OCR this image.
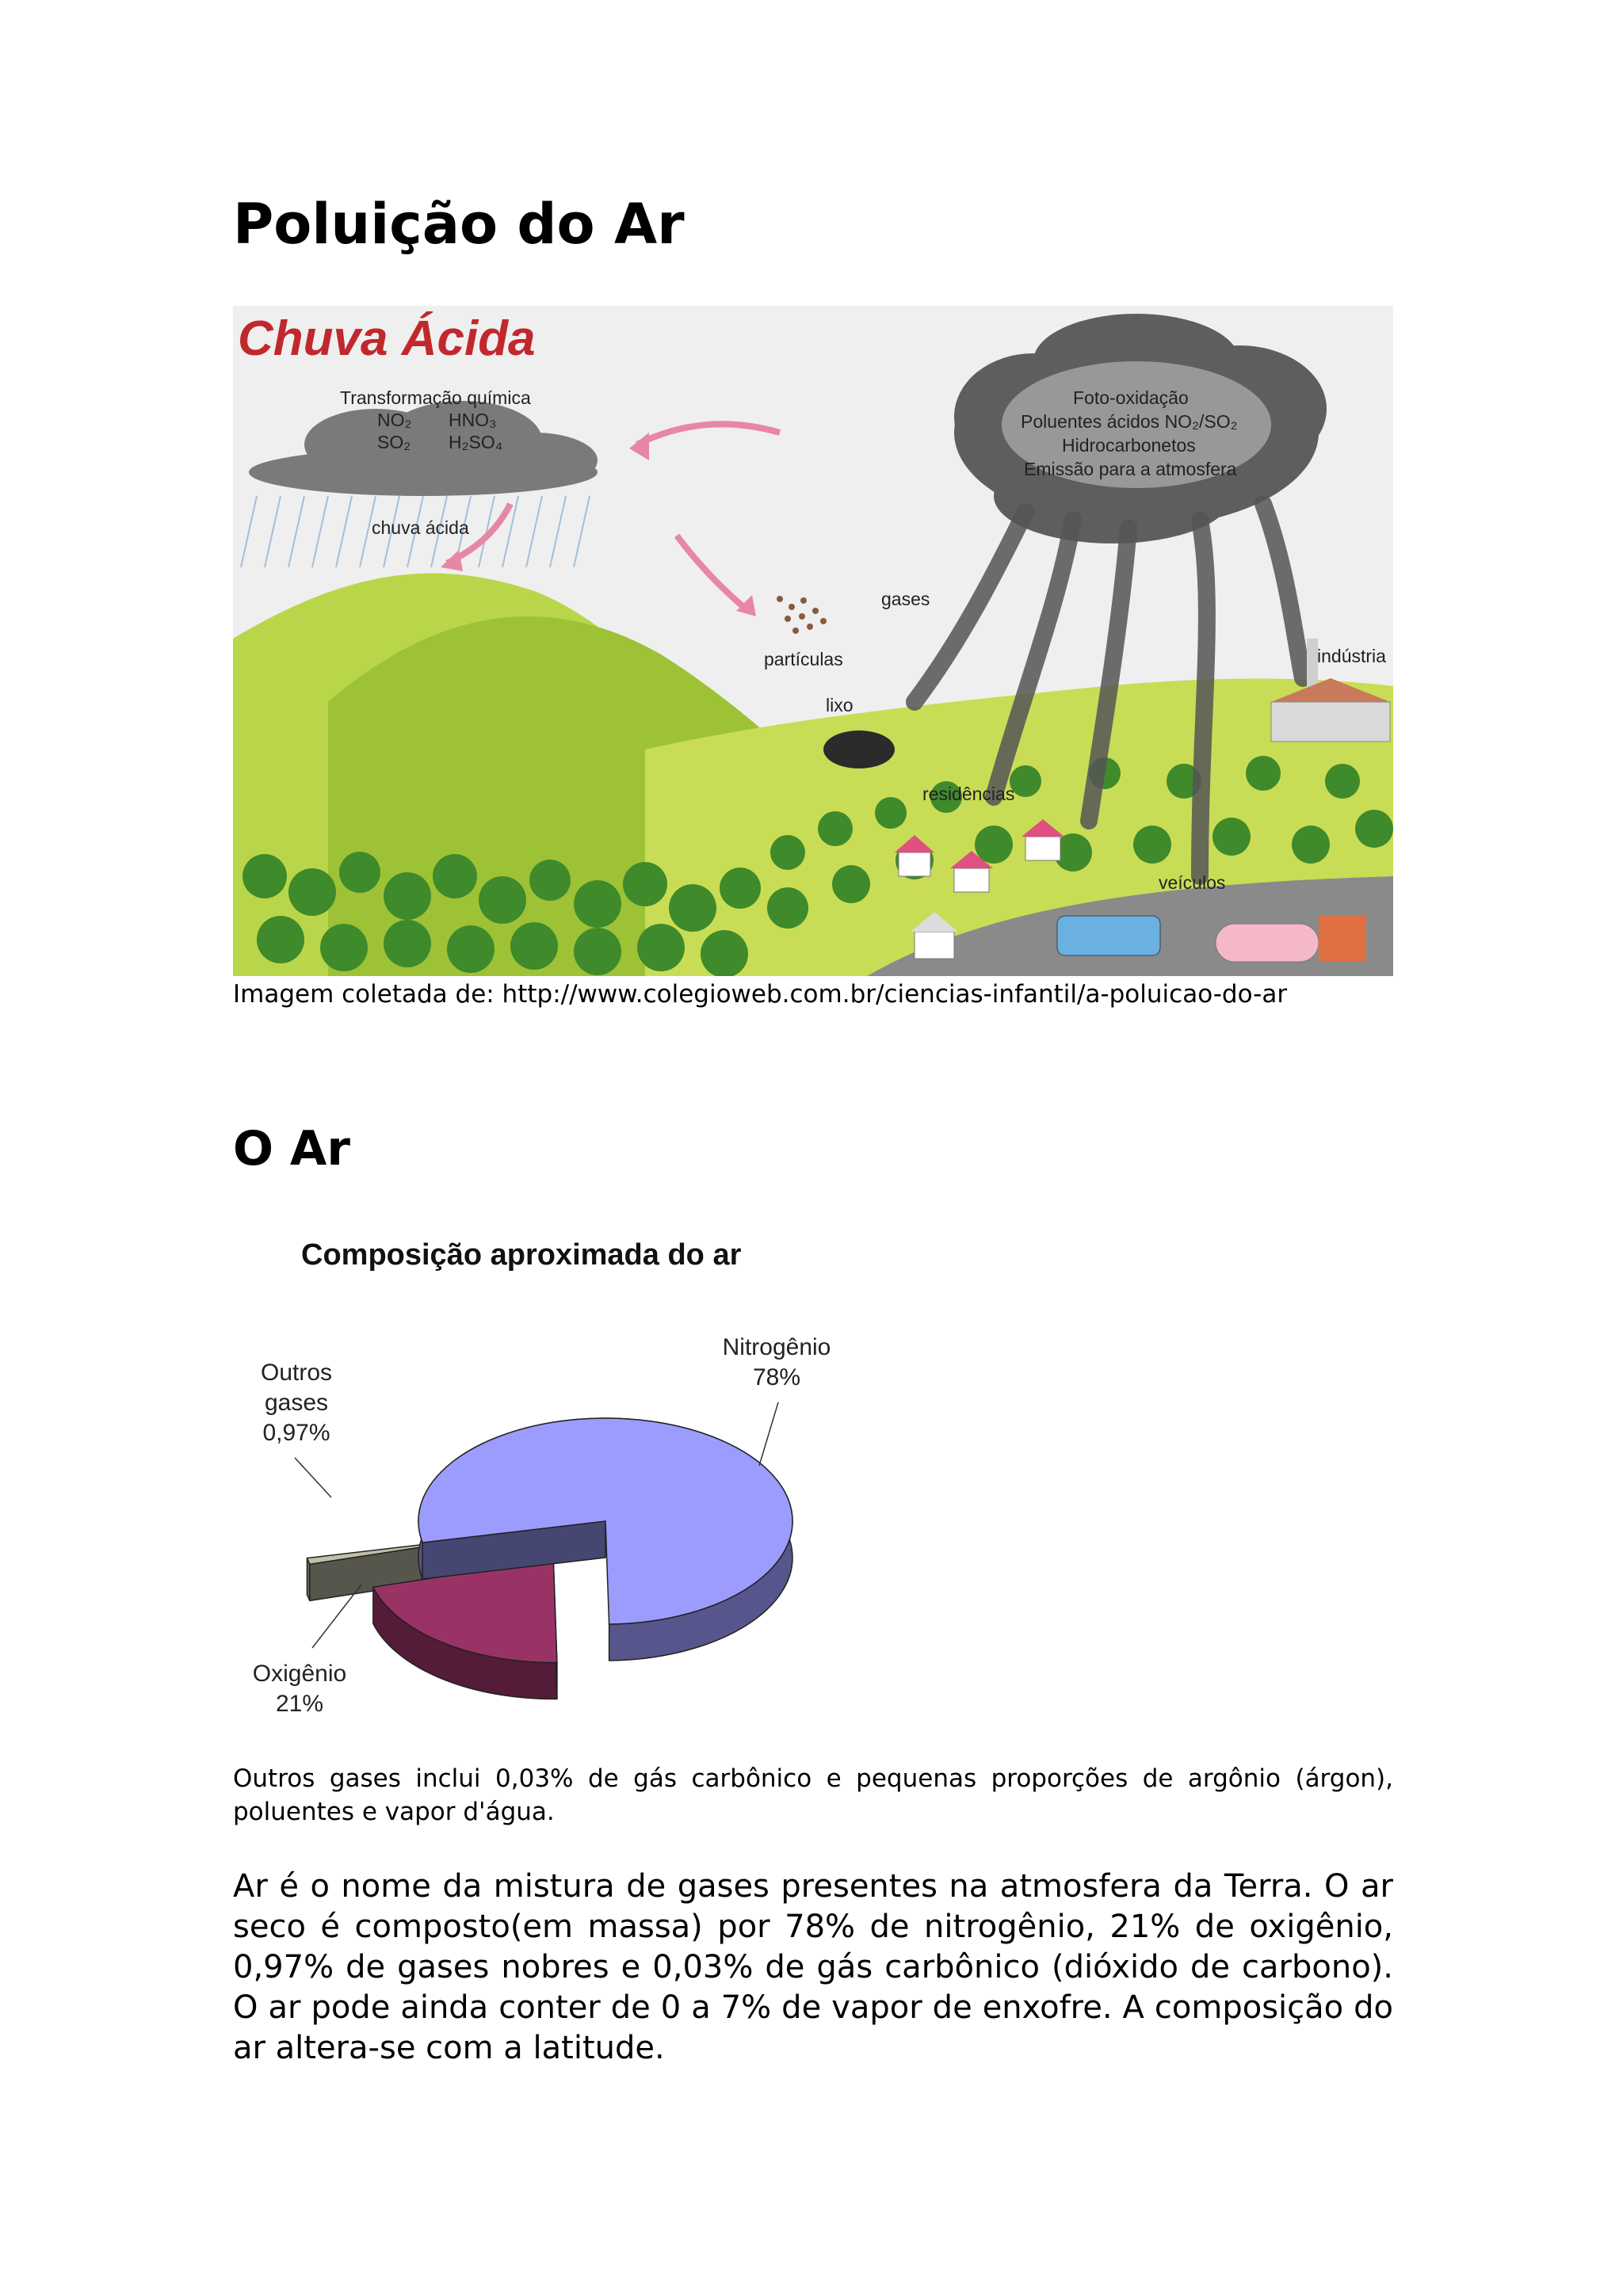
Poluição do Ar
Chuva Ácida
Transformação química
NO₂ HNO₃
SO₂ H₂SO₄
chuva ácida
Foto-oxidação
Poluentes ácidos NO₂/SO₂
Hidrocarbonetos
Emissão para a atmosfera
gases
partículas
lixo
indústria
residências
veículos
Imagem coletada de: http://www.colegioweb.com.br/ciencias-infantil/a-poluicao-do-ar
O Ar
Composição aproximada do ar
Nitrogênio
78%
Oxigênio
21%
Outros
gases
0,97%
Outros gases inclui 0,03% de gás carbônico e pequenas proporções de argônio (árgon), poluentes e vapor d'água.
Ar é o nome da mistura de gases presentes na atmosfera da Terra. O ar seco é composto(em massa) por 78% de nitrogênio, 21% de oxigênio, 0,97% de gases nobres e 0,03% de gás carbônico (dióxido de carbono). O ar pode ainda conter de 0 a 7% de vapor de enxofre. A composição do ar altera-se com a latitude.
